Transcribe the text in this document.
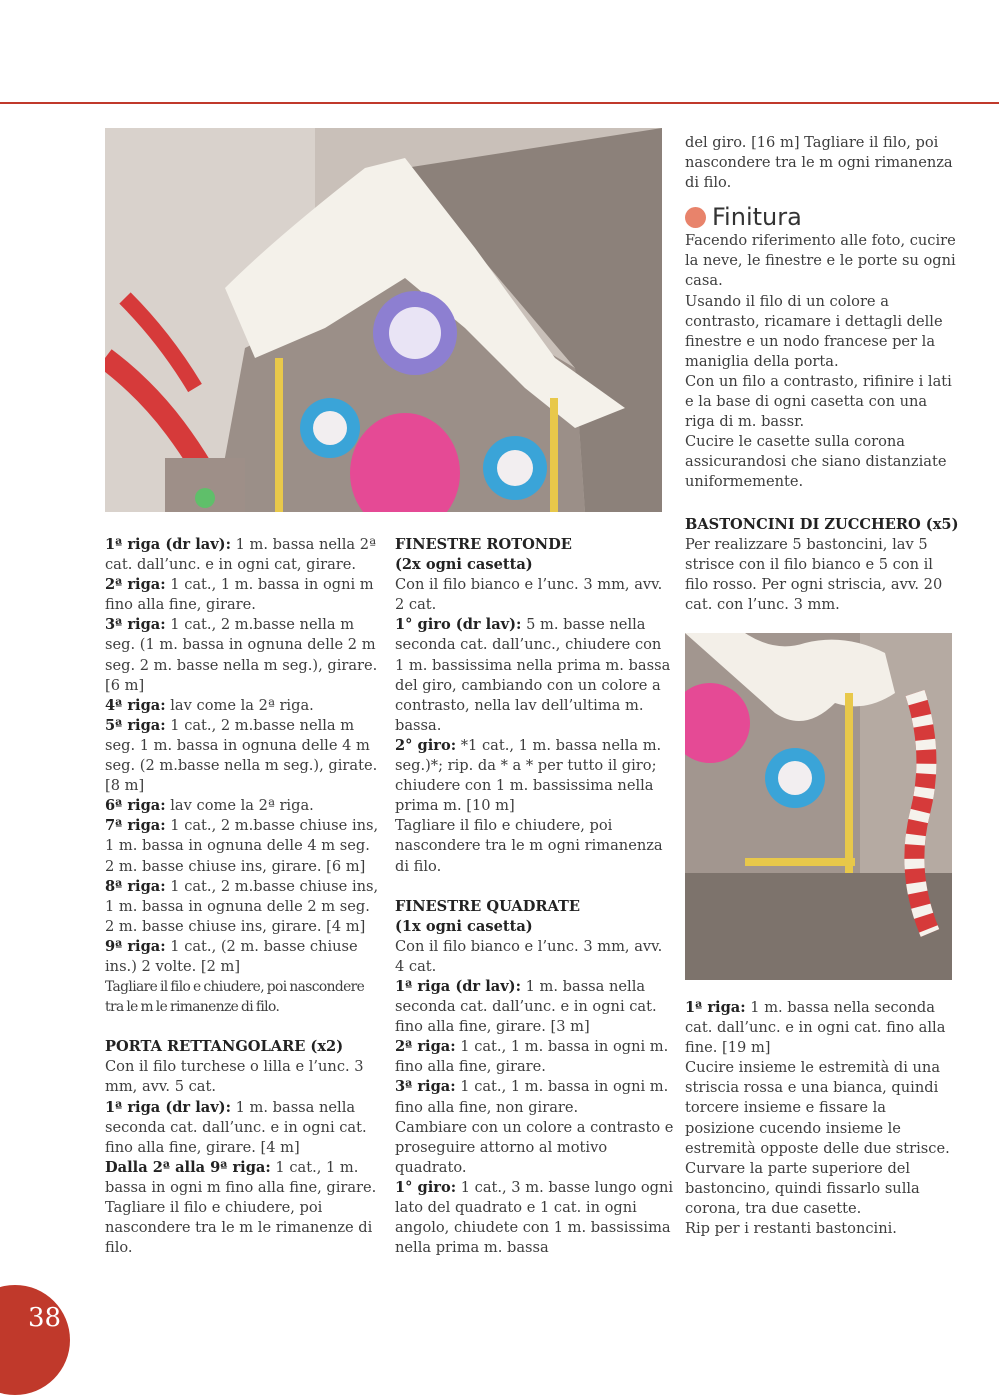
1ª riga (dr lav): 1 m. bassa nella 2ª cat. dall’unc. e in ogni cat, girare.

2ª riga: 1 cat., 1 m. bassa in ogni m fino alla fine, girare.

3ª riga: 1 cat., 2 m.basse nella m seg. (1 m. bassa in ognuna delle 2 m seg. 2 m. basse nella m seg.), girare.[6 m]

4ª riga: lav come la 2ª riga.

5ª riga: 1 cat., 2 m.basse nella m seg. 1 m. bassa in ognuna delle 4 m seg. (2 m.basse nella m seg.), girate. [8 m]

6ª riga: lav come la 2ª riga.

7ª riga: 1 cat., 2 m.basse chiuse ins, 1 m. bassa in ognuna delle 4 m seg. 2 m. basse chiuse ins, girare. [6 m]

8ª riga: 1 cat., 2 m.basse chiuse ins, 1 m. bassa in ognuna delle 2 m seg. 2 m. basse chiuse ins, girare. [4 m]

9ª riga: 1 cat., (2 m. basse chiuse ins.) 2 volte. [2 m]

Tagliare il filo e chiudere, poi nascondere tra le m le rimanenze di filo.

PORTA RETTANGOLARE (x2)

Con il filo turchese o lilla e l’unc. 3 mm, avv. 5 cat.

1ª riga (dr lav): 1 m. bassa nella seconda cat. dall’unc. e in ogni cat. fino alla fine, girare. [4 m]

Dalla 2ª alla 9ª riga: 1 cat., 1 m. bassa in ogni m fino alla fine, girare.

Tagliare il filo e chiudere, poi nascondere tra le m le rimanenze di filo.

FINESTRE ROTONDE

(2x ogni casetta)

Con il filo bianco e l’unc. 3 mm, avv. 2 cat.

1° giro (dr lav): 5 m. basse nella seconda cat. dall’unc., chiudere con 1 m. bassissima nella prima m. bassa del giro, cambiando con un colore a contrasto, nella lav dell’ultima m. bassa.

2° giro: *1 cat., 1 m. bassa nella m. seg.)*; rip. da * a * per tutto il giro; chiudere con 1 m. bassissima nella prima m. [10 m]

Tagliare il filo e chiudere, poi nascondere tra le m ogni rimanenza di filo.

FINESTRE QUADRATE

(1x ogni casetta)

Con il filo bianco e l’unc. 3 mm, avv. 4 cat.

1ª riga (dr lav): 1 m. bassa nella seconda cat. dall’unc. e in ogni cat. fino alla fine, girare. [3 m]

2ª riga: 1 cat., 1 m. bassa in ogni m. fino alla fine, girare.

3ª riga: 1 cat., 1 m. bassa in ogni m. fino alla fine, non girare.

Cambiare con un colore a contrasto e proseguire attorno al motivo quadrato.

1° giro: 1 cat., 3 m. basse lungo ogni lato del quadrato e 1 cat. in ogni angolo, chiudete con 1 m. bassissima nella prima m. bassa

del giro. [16 m] Tagliare il filo, poi nascondere tra le m ogni rimanenza di filo.

Finitura

Facendo riferimento alle foto, cucire la neve, le finestre e le porte su ogni casa.

Usando il filo di un colore a contrasto, ricamare i dettagli delle finestre e un nodo francese per la maniglia della porta.

Con un filo a contrasto, rifinire i lati e la base di ogni casetta con una riga di m. bassr.

Cucire le casette sulla corona assicurandosi che siano distanziate uniformemente.

BASTONCINI DI ZUCCHERO (x5)

Per realizzare 5 bastoncini, lav 5 strisce con il filo bianco e 5 con il filo rosso. Per ogni striscia, avv. 20 cat. con l’unc. 3 mm.

1ª riga: 1 m. bassa nella seconda cat. dall’unc. e in ogni cat. fino alla fine. [19 m]

Cucire insieme le estremità di una striscia rossa e una bianca, quindi torcere insieme e fissare la posizione cucendo insieme le estremità opposte delle due strisce.

Curvare la parte superiore del bastoncino, quindi fissarlo sulla corona, tra due casette.

Rip per i restanti bastoncini.

38
